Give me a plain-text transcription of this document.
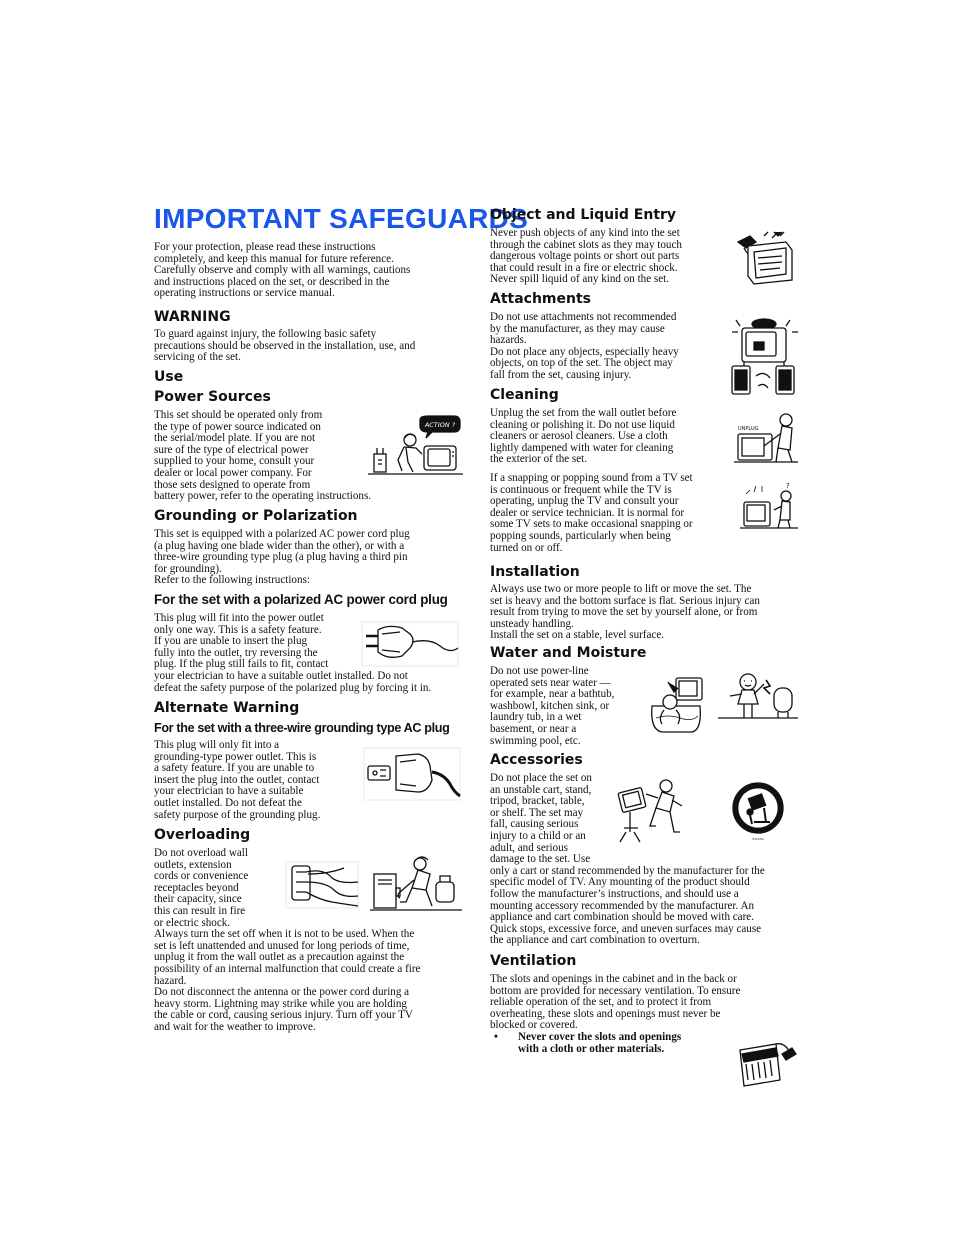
IMPORTANT SAFEGUARDS
For your protection, please read these instructions
completely, and keep this manual for future reference.
Carefully observe and comply with all warnings, cautions
and instructions placed on the set, or described in the
operating instructions or service manual.
WARNING
To guard against injury, the following basic safety
precautions should be observed in the installation, use, and
servicing of the set.
Use
Power Sources
This set should be operated only from
the type of power source indicated on
the serial/model plate. If you are not
sure of the type of electrical power
supplied to your home, consult your
dealer or local power company. For
those sets designed to operate from
battery power, refer to the operating instructions.
ACTION ?
Grounding or Polarization
This set is equipped with a polarized AC power cord plug
(a plug having one blade wider than the other), or with a
three-wire grounding type plug (a plug having a third pin
for grounding).
Refer to the following instructions:
For the set with a polarized AC power cord plug
This plug will fit into the power outlet
only one way. This is a safety feature.
If you are unable to insert the plug
fully into the outlet, try reversing the
plug. If the plug still fails to fit, contact
your electrician to have a suitable outlet installed. Do not
defeat the safety purpose of the polarized plug by forcing it in.
Alternate Warning
For the set with a three-wire grounding type AC plug
This plug will only fit into a
grounding-type power outlet. This is
a safety feature. If you are unable to
insert the plug into the outlet, contact
your electrician to have a suitable
outlet installed. Do not defeat the
safety purpose of the grounding plug.
Overloading
Do not overload wall
outlets, extension
cords or convenience
receptacles beyond
their capacity, since
this can result in fire
or electric shock.
Always turn the set off when it is not to be used. When the
set is left unattended and unused for long periods of time,
unplug it from the wall outlet as a precaution against the
possibility of an internal malfunction that could create a fire
hazard.
Do not disconnect the antenna or the power cord during a
heavy storm. Lightning may strike while you are holding
the cable or cord, causing serious injury. Turn off your TV
and wait for the weather to improve.
Object and Liquid Entry
Never push objects of any kind into the set
through the cabinet slots as they may touch
dangerous voltage points or short out parts
that could result in a fire or electric shock.
Never spill liquid of any kind on the set.
Attachments
Do not use attachments not recommended
by the manufacturer, as they may cause
hazards.
Do not place any objects, especially heavy
objects, on top of the set. The object may
fall from the set, causing injury.
Cleaning
Unplug the set from the wall outlet before
cleaning or polishing it. Do not use liquid
cleaners or aerosol cleaners. Use a cloth
lightly dampened with water for cleaning
the exterior of the set.
If a snapping or popping sound from a TV set
is continuous or frequent while the TV is
operating, unplug the TV and consult your
dealer or service technician. It is normal for
some TV sets to make occasional snapping or
popping sounds, particularly when being
turned on or off.
UNPLUG
?
Installation
Always use two or more people to lift or move the set. The
set is heavy and the bottom surface is flat. Serious injury can
result from trying to move the set by yourself alone, or from
unsteady handling.
Install the set on a stable, level surface.
Water and Moisture
Do not use power-line
operated sets near water —
for example, near a bathtub,
washbowl, kitchen sink, or
laundry tub, in a wet
basement, or near a
swimming pool, etc.
Accessories
Do not place the set on
an unstable cart, stand,
tripod, bracket, table,
or shelf. The set may
fall, causing serious
injury to a child or an
adult, and serious
damage to the set. Use
only a cart or stand recommended by the manufacturer for the
specific model of TV. Any mounting of the product should
follow the manufacturer’s instructions, and should use a
mounting accessory recommended by the manufacturer. An
appliance and cart combination should be moved with care.
Quick stops, excessive force, and uneven surfaces may cause
the appliance and cart combination to overturn.
S3125A
Ventilation
The slots and openings in the cabinet and in the back or
bottom are provided for necessary ventilation. To ensure
reliable operation of the set, and to protect it from
overheating, these slots and openings must never be
blocked or covered.
• Never cover the slots and openings
with a cloth or other materials.
